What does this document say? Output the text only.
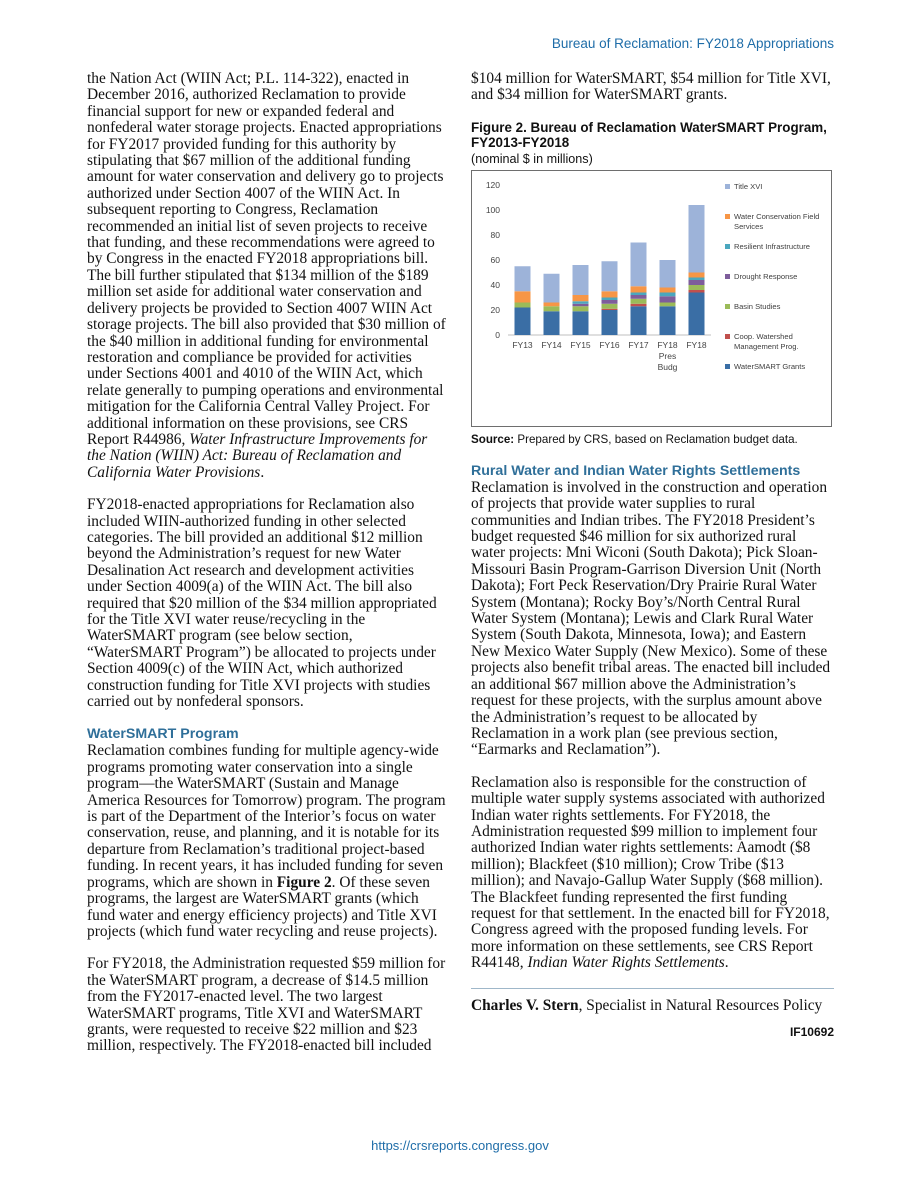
Bureau of Reclamation: FY2018 Appropriations

the Nation Act (WIIN Act; P.L. 114-322), enacted in December 2016, authorized Reclamation to provide financial support for new or expanded federal and nonfederal water storage projects. Enacted appropriations for FY2017 provided funding for this authority by stipulating that $67 million of the additional funding amount for water conservation and delivery go to projects authorized under Section 4007 of the WIIN Act. In subsequent reporting to Congress, Reclamation recommended an initial list of seven projects to receive that funding, and these recommendations were agreed to by Congress in the enacted FY2018 appropriations bill. The bill further stipulated that $134 million of the $189 million set aside for additional water conservation and delivery projects be provided to Section 4007 WIIN Act storage projects. The bill also provided that $30 million of the $40 million in additional funding for environmental restoration and compliance be provided for activities under Sections 4001 and 4010 of the WIIN Act, which relate generally to pumping operations and environmental mitigation for the California Central Valley Project. For additional information on these provisions, see CRS Report R44986, Water Infrastructure Improvements for the Nation (WIIN) Act: Bureau of Reclamation and California Water Provisions.

FY2018-enacted appropriations for Reclamation also included WIIN-authorized funding in other selected categories. The bill provided an additional $12 million beyond the Administration’s request for new Water Desalination Act research and development activities under Section 4009(a) of the WIIN Act. The bill also required that $20 million of the $34 million appropriated for the Title XVI water reuse/recycling in the WaterSMART program (see below section, “WaterSMART Program”) be allocated to projects under Section 4009(c) of the WIIN Act, which authorized construction funding for Title XVI projects with studies carried out by nonfederal sponsors.

WaterSMART Program

Reclamation combines funding for multiple agency-wide programs promoting water conservation into a single program—the WaterSMART (Sustain and Manage America Resources for Tomorrow) program. The program is part of the Department of the Interior’s focus on water conservation, reuse, and planning, and it is notable for its departure from Reclamation’s traditional project-based funding. In recent years, it has included funding for seven programs, which are shown in Figure 2. Of these seven programs, the largest are WaterSMART grants (which fund water and energy efficiency projects) and Title XVI projects (which fund water recycling and reuse projects).

For FY2018, the Administration requested $59 million for the WaterSMART program, a decrease of $14.5 million from the FY2017-enacted level. The two largest WaterSMART programs, Title XVI and WaterSMART grants, were requested to receive $22 million and $23 million, respectively. The FY2018-enacted bill included

$104 million for WaterSMART, $54 million for Title XVI, and $34 million for WaterSMART grants.

Figure 2. Bureau of Reclamation WaterSMART Program, FY2013-FY2018
(nominal $ in millions)
0
20
40
60
80
100
120
FY13 FY14 FY15 FY16 FY17 FY18 Pres Budg
FY18
Title XVI
Water Conservation Field Services
Resilient Infrastructure
Drought Response
Basin Studies
Coop. Watershed Management Prog.
WaterSMART Grants
Source: Prepared by CRS, based on Reclamation budget data.
Rural Water and Indian Water Rights Settlements

Reclamation is involved in the construction and operation of projects that provide water supplies to rural communities and Indian tribes. The FY2018 President’s budget requested $46 million for six authorized rural water projects: Mni Wiconi (South Dakota); Pick Sloan-Missouri Basin Program-Garrison Diversion Unit (North Dakota); Fort Peck Reservation/Dry Prairie Rural Water System (Montana); Rocky Boy’s/North Central Rural Water System (Montana); Lewis and Clark Rural Water System (South Dakota, Minnesota, Iowa); and Eastern New Mexico Water Supply (New Mexico). Some of these projects also benefit tribal areas. The enacted bill included an additional $67 million above the Administration’s request for these projects, with the surplus amount above the Administration’s request to be allocated by Reclamation in a work plan (see previous section, “Earmarks and Reclamation”).

Reclamation also is responsible for the construction of multiple water supply systems associated with authorized Indian water rights settlements. For FY2018, the Administration requested $99 million to implement four authorized Indian water rights settlements: Aamodt ($8 million); Blackfeet ($10 million); Crow Tribe ($13 million); and Navajo-Gallup Water Supply ($68 million). The Blackfeet funding represented the first funding request for that settlement. In the enacted bill for FY2018, Congress agreed with the proposed funding levels. For more information on these settlements, see CRS Report R44148, Indian Water Rights Settlements.

Charles V. Stern, Specialist in Natural Resources Policy

IF10692
https://crsreports.congress.gov
